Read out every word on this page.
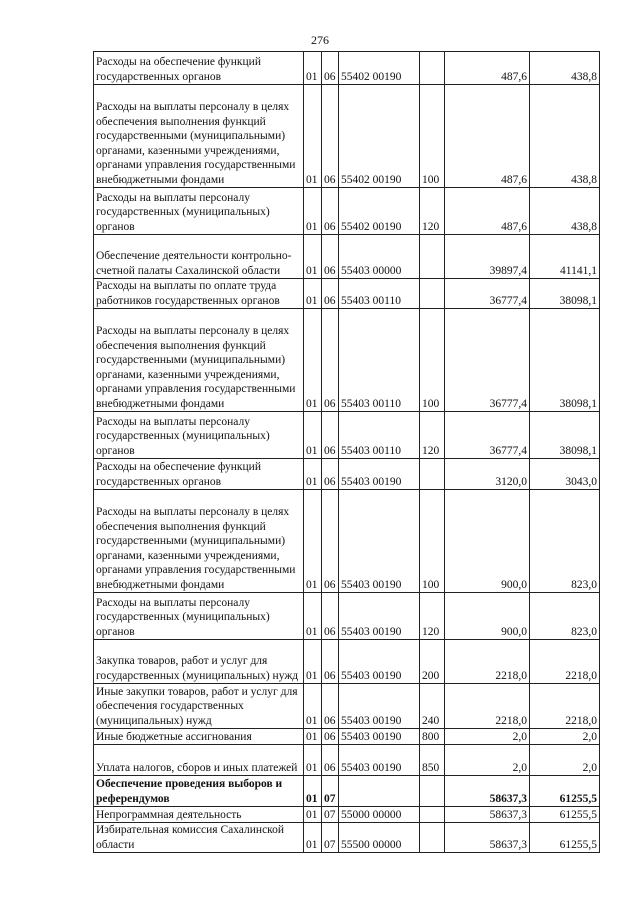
276
Расходы на обеспечение функций государственных органов	01	06	55402 00190		487,6	438,8
Расходы на выплаты персоналу в целях обеспечения выполнения функций государственными (муниципальными) органами, казенными учреждениями, органами управления государственными внебюджетными фондами	01	06	55402 00190	100	487,6	438,8
Расходы на выплаты персоналу государственных (муниципальных) органов	01	06	55402 00190	120	487,6	438,8
Обеспечение деятельности контрольно-счетной палаты Сахалинской области	01	06	55403 00000		39897,4	41141,1
Расходы на выплаты по оплате труда работников государственных органов	01	06	55403 00110		36777,4	38098,1
Расходы на выплаты персоналу в целях обеспечения выполнения функций государственными (муниципальными) органами, казенными учреждениями, органами управления государственными внебюджетными фондами	01	06	55403 00110	100	36777,4	38098,1
Расходы на выплаты персоналу государственных (муниципальных) органов	01	06	55403 00110	120	36777,4	38098,1
Расходы на обеспечение функций государственных органов	01	06	55403 00190		3120,0	3043,0
Расходы на выплаты персоналу в целях обеспечения выполнения функций государственными (муниципальными) органами, казенными учреждениями, органами управления государственными внебюджетными фондами	01	06	55403 00190	100	900,0	823,0
Расходы на выплаты персоналу государственных (муниципальных) органов	01	06	55403 00190	120	900,0	823,0
Закупка товаров, работ и услуг для государственных (муниципальных) нужд	01	06	55403 00190	200	2218,0	2218,0
Иные закупки товаров, работ и услуг для обеспечения государственных (муниципальных) нужд	01	06	55403 00190	240	2218,0	2218,0
Иные бюджетные ассигнования	01	06	55403 00190	800	2,0	2,0
Уплата налогов, сборов и иных платежей	01	06	55403 00190	850	2,0	2,0
Обеспечение проведения выборов и референдумов	01	07			58637,3	61255,5
Непрограммная деятельность	01	07	55000 00000		58637,3	61255,5
Избирательная комиссия Сахалинской области	01	07	55500 00000		58637,3	61255,5
